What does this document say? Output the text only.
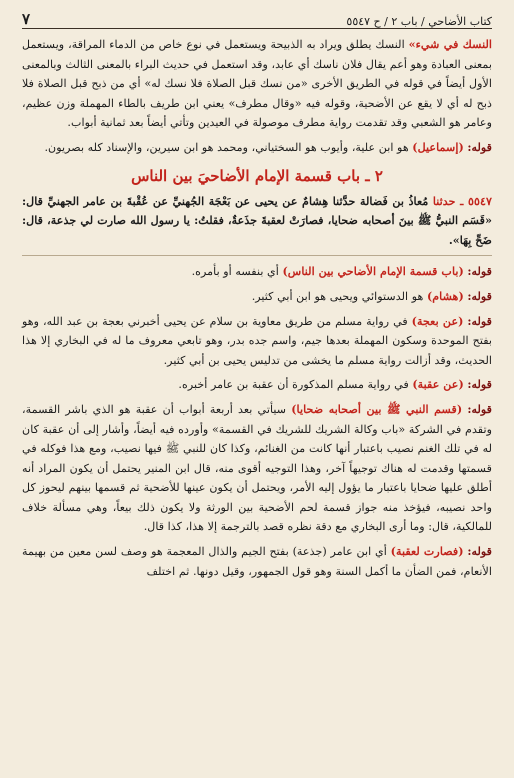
كتاب الأضاحي / باب ٢ / ح ٥٥٤٧
٧

النسك في شيء» النسك يطلق ويراد به الذبيحة ويستعمل في نوع خاص من الدماء المراقة، ويستعمل بمعنى العبادة وهو أعم يقال فلان ناسك أي عابد، وقد استعمل في حديث البراء بالمعنى الثالث وبالمعنى الأول أيضاً في قوله في الطريق الأخرى «من نسك قبل الصلاة فلا نسك له» أي من ذبح قبل الصلاة فلا ذبح له أي لا يقع عن الأضحية، وقوله فيه «وقال مطرف» يعني ابن طريف بالطاء المهملة وزن عظيم، وعامر هو الشعبي وقد تقدمت رواية مطرف موصولة في العيدين وتأتي أيضاً بعد ثمانية أبواب.

قوله: (إسماعيل) هو ابن علية، وأيوب هو السختياني، ومحمد هو ابن سيرين، والإسناد كله بصريون.

٢ ـ باب قسمة الإمام الأضاحيَ بين الناس

٥٥٤٧ ـ حدثنا مُعاذُ بن فَضالة حدَّثنا هِشامٌ عن يحيى عن بَعْجَة الجُهنيِّ عن عُقْبةَ بن عامر الجهنيِّ قال: «قَسَم النبيُّ ﷺ بينَ أصحابه ضحايا، فصارَتْ لعقبةَ جذَعةٌ، فقلتُ: يا رسول الله صارت لي جذعة، قال: ضَحِّ بِهَا».

قوله: (باب قسمة الإمام الأضاحي بين الناس) أي بنفسه أو بأمره.

قوله: (هشام) هو الدستوائي ويحيى هو ابن أبي كثير.

قوله: (عن بعجة) في رواية مسلم من طريق معاوية بن سلام عن يحيى أخبرني بعجة بن عبد الله، وهو بفتح الموحدة وسكون المهملة بعدها جيم، واسم جده بدر، وهو تابعي معروف ما له في البخاري إلا هذا الحديث، وقد أزالت رواية مسلم ما يخشى من تدليس يحيى بن أبي كثير.

قوله: (عن عقبة) في رواية مسلم المذكورة أن عقبة بن عامر أخبره.

قوله: (قسم النبي ﷺ بين أصحابه ضحايا) سيأتي بعد أربعة أبواب أن عقبة هو الذي باشر القسمة، وتقدم في الشركة «باب وكالة الشريك للشريك في القسمة» وأورده فيه أيضاً، وأشار إلى أن عقبة كان له في تلك الغنم نصيب باعتبار أنها كانت من الغنائم، وكذا كان للنبي ﷺ فيها نصيب، ومع هذا فوكله في قسمتها وقدمت له هناك توجيهاً آخر، وهذا التوجيه أقوى منه، قال ابن المنير يحتمل أن يكون المراد أنه أطلق عليها ضحايا باعتبار ما يؤول إليه الأمر، ويحتمل أن يكون عينها للأضحية ثم قسمها بينهم ليحوز كل واحد نصيبه، فيؤخذ منه جواز قسمة لحم الأضحية بين الورثة ولا يكون ذلك بيعاً، وهي مسألة خلاف للمالكية، قال: وما أرى البخاري مع دقة نظره قصد بالترجمة إلا هذا، كذا قال.

قوله: (فصارت لعقبة) أي ابن عامر (جذعة) بفتح الجيم والذال المعجمة هو وصف لسن معين من بهيمة الأنعام، فمن الضأن ما أكمل السنة وهو قول الجمهور، وقيل دونها. ثم اختلف
